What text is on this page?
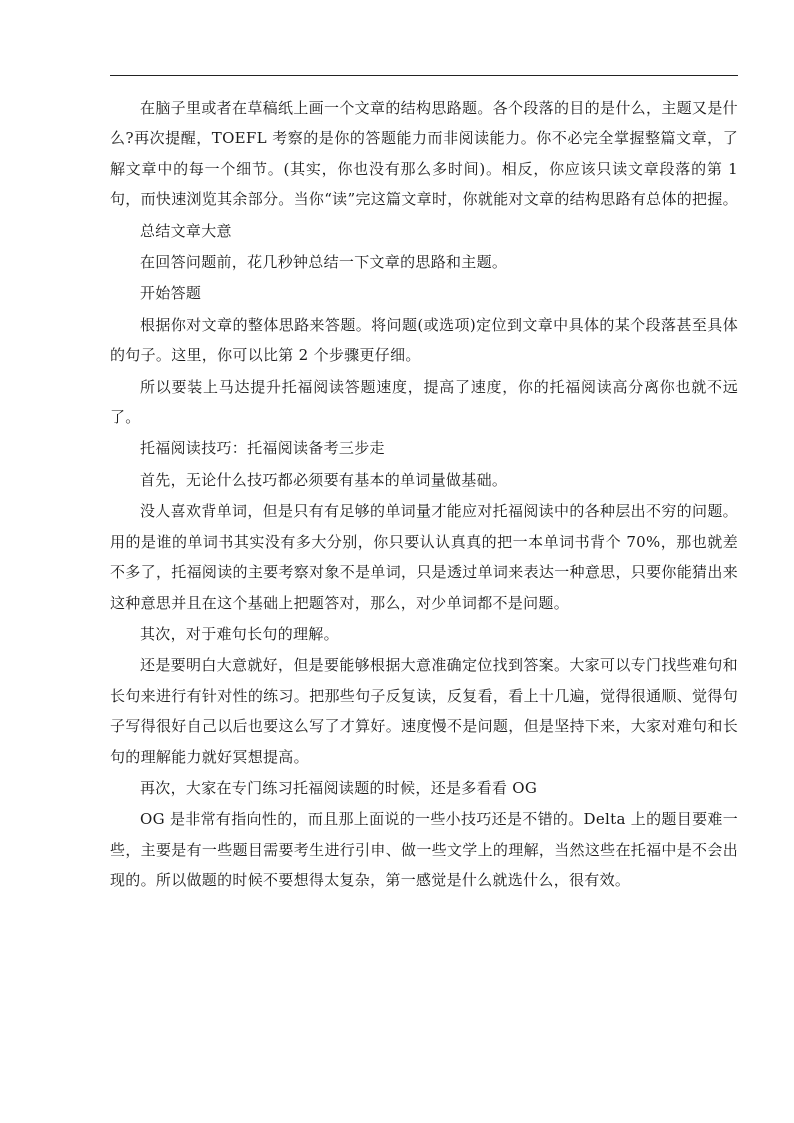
在脑子里或者在草稿纸上画一个文章的结构思路题。各个段落的目的是什么，主题又是什么?再次提醒，TOEFL 考察的是你的答题能力而非阅读能力。你不必完全掌握整篇文章，了解文章中的每一个细节。(其实，你也没有那么多时间)。相反，你应该只读文章段落的第 1 句，而快速浏览其余部分。当你“读”完这篇文章时，你就能对文章的结构思路有总体的把握。

总结文章大意

在回答问题前，花几秒钟总结一下文章的思路和主题。

开始答题

根据你对文章的整体思路来答题。将问题(或选项)定位到文章中具体的某个段落甚至具体的句子。这里，你可以比第 2 个步骤更仔细。

所以要装上马达提升托福阅读答题速度，提高了速度，你的托福阅读高分离你也就不远了。

托福阅读技巧：托福阅读备考三步走

首先，无论什么技巧都必须要有基本的单词量做基础。

没人喜欢背单词，但是只有有足够的单词量才能应对托福阅读中的各种层出不穷的问题。用的是谁的单词书其实没有多大分别，你只要认认真真的把一本单词书背个 70%，那也就差不多了，托福阅读的主要考察对象不是单词，只是透过单词来表达一种意思，只要你能猜出来这种意思并且在这个基础上把题答对，那么，对少单词都不是问题。

其次，对于难句长句的理解。

还是要明白大意就好，但是要能够根据大意准确定位找到答案。大家可以专门找些难句和长句来进行有针对性的练习。把那些句子反复读，反复看，看上十几遍，觉得很通顺、觉得句子写得很好自己以后也要这么写了才算好。速度慢不是问题，但是坚持下来，大家对难句和长句的理解能力就好冥想提高。

再次，大家在专门练习托福阅读题的时候，还是多看看 OG

OG 是非常有指向性的，而且那上面说的一些小技巧还是不错的。Delta 上的题目要难一些，主要是有一些题目需要考生进行引申、做一些文学上的理解，当然这些在托福中是不会出现的。所以做题的时候不要想得太复杂，第一感觉是什么就选什么，很有效。
